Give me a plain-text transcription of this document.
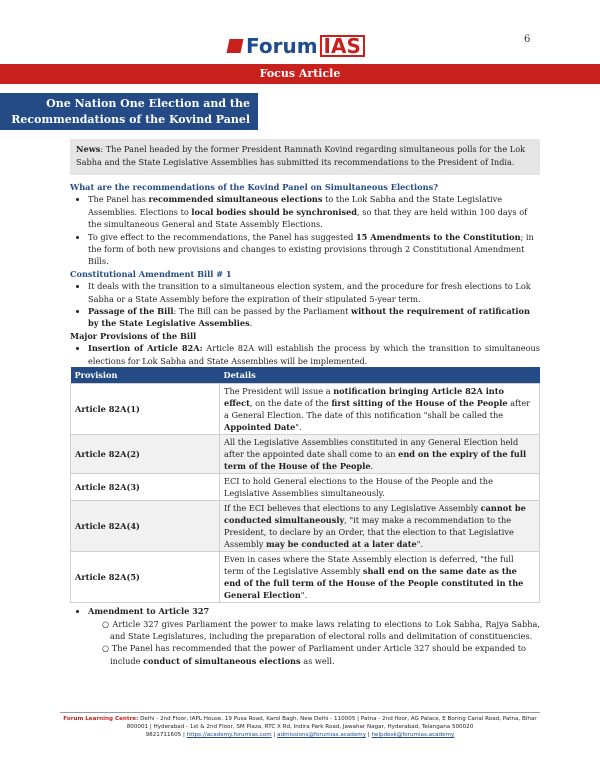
Forum IAS	6
Focus Article
One Nation One Election and the
Recommendations of the Kovind Panel
News: The Panel headed by the former President Ramnath Kovind regarding simultaneous polls for the Lok Sabha and the State Legislative Assemblies has submitted its recommendations to the President of India.
What are the recommendations of the Kovind Panel on Simultaneous Elections?
• The Panel has recommended simultaneous elections to the Lok Sabha and the State Legislative Assemblies. Elections to local bodies should be synchronised, so that they are held within 100 days of the simultaneous General and State Assembly Elections.
• To give effect to the recommendations, the Panel has suggested 15 Amendments to the Constitution; in the form of both new provisions and changes to existing provisions through 2 Constitutional Amendment Bills.
Constitutional Amendment Bill # 1
• It deals with the transition to a simultaneous election system, and the procedure for fresh elections to Lok Sabha or a State Assembly before the expiration of their stipulated 5-year term.
• Passage of the Bill: The Bill can be passed by the Parliament without the requirement of ratification by the State Legislative Assemblies.
Major Provisions of the Bill
• Insertion of Article 82A: Article 82A will establish the process by which the transition to simultaneous elections for Lok Sabha and State Assemblies will be implemented.
Provision	Details
Article 82A(1)	The President will issue a notification bringing Article 82A into effect, on the date of the first sitting of the House of the People after a General Election. The date of this notification "shall be called the Appointed Date".
Article 82A(2)	All the Legislative Assemblies constituted in any General Election held after the appointed date shall come to an end on the expiry of the full term of the House of the People.
Article 82A(3)	ECI to hold General elections to the House of the People and the Legislative Assemblies simultaneously.
Article 82A(4)	If the ECI believes that elections to any Legislative Assembly cannot be conducted simultaneously, "it may make a recommendation to the President, to declare by an Order, that the election to that Legislative Assembly may be conducted at a later date".
Article 82A(5)	Even in cases where the State Assembly election is deferred, "the full term of the Legislative Assembly shall end on the same date as the end of the full term of the House of the People constituted in the General Election".
• Amendment to Article 327
○ Article 327 gives Parliament the power to make laws relating to elections to Lok Sabha, Rajya Sabha, and State Legislatures, including the preparation of electoral rolls and delimitation of constituencies.
○ The Panel has recommended that the power of Parliament under Article 327 should be expanded to include conduct of simultaneous elections as well.
Forum Learning Centre: Delhi - 2nd Floor, IAPL House, 19 Pusa Road, Karol Bagh, New Delhi - 110005 | Patna - 2nd floor, AG Palace, E Boring Canal Road, Patna, Bihar 800001 | Hyderabad - 1st & 2nd Floor, SM Plaza, RTC X Rd, Indira Park Road, Jawahar Nagar, Hyderabad, Telangana 500020
9821711605 | https://academy.forumias.com | admissions@forumias.academy | helpdesk@forumias.academy
